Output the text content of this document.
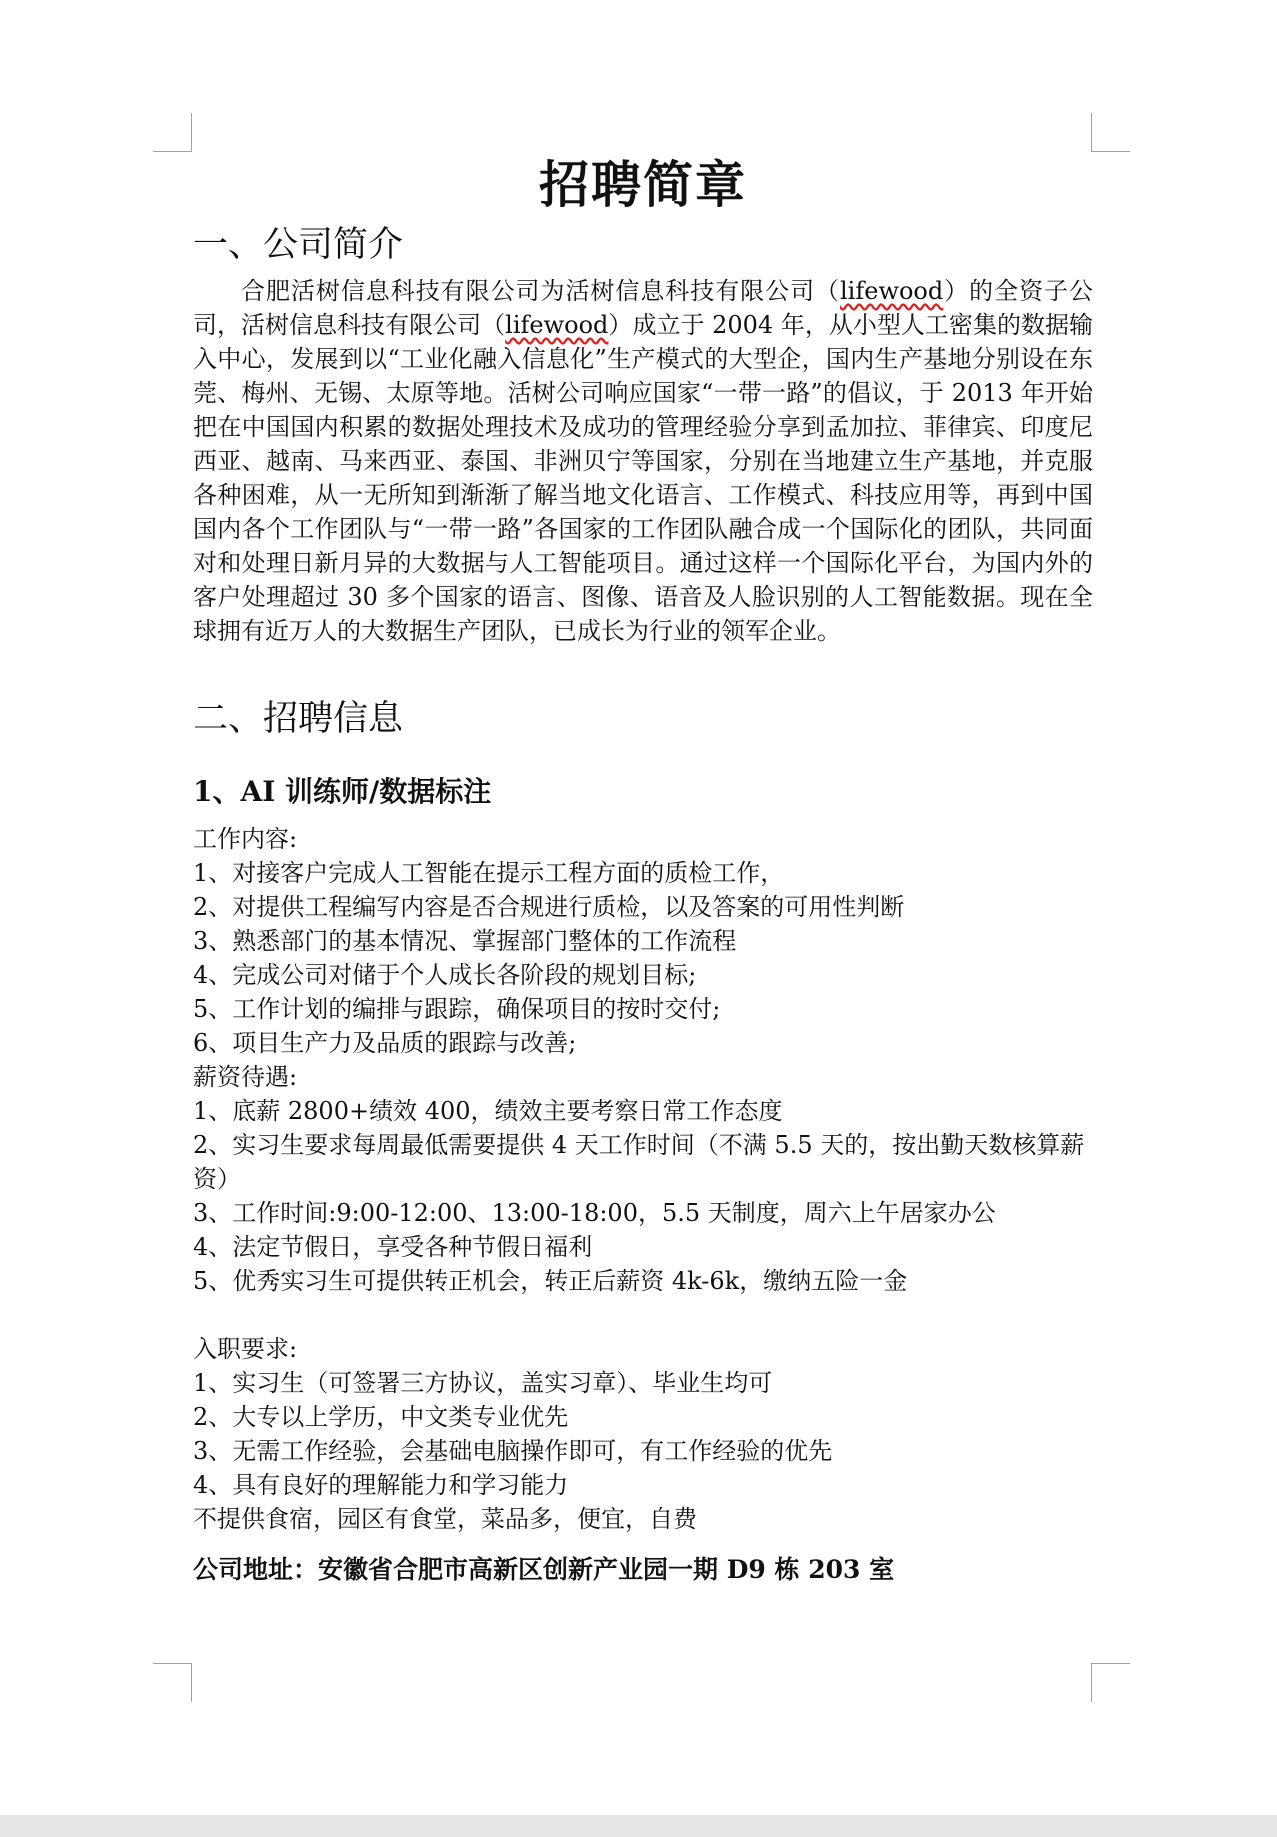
招聘简章
一、公司简介

合肥活树信息科技有限公司为活树信息科技有限公司（lifewood）的全资子公司，活树信息科技有限公司（lifewood）成立于 2004 年，从小型人工密集的数据输入中心，发展到以“工业化融入信息化”生产模式的大型企，国内生产基地分别设在东莞、梅州、无锡、太原等地。活树公司响应国家“一带一路”的倡议，于 2013 年开始把在中国国内积累的数据处理技术及成功的管理经验分享到孟加拉、菲律宾、印度尼西亚、越南、马来西亚、泰国、非洲贝宁等国家，分别在当地建立生产基地，并克服各种困难，从一无所知到渐渐了解当地文化语言、工作模式、科技应用等，再到中国国内各个工作团队与“一带一路”各国家的工作团队融合成一个国际化的团队，共同面对和处理日新月异的大数据与人工智能项目。通过这样一个国际化平台，为国内外的客户处理超过 30 多个国家的语言、图像、语音及人脸识别的人工智能数据。现在全球拥有近万人的大数据生产团队，已成长为行业的领军企业。

二、招聘信息
1、AI 训练师/数据标注

工作内容:

1、对接客户完成人工智能在提示工程方面的质检工作，

2、对提供工程编写内容是否合规进行质检，以及答案的可用性判断

3、熟悉部门的基本情况、掌握部门整体的工作流程

4、完成公司对储于个人成长各阶段的规划目标;

5、工作计划的编排与跟踪，确保项目的按时交付;

6、项目生产力及品质的跟踪与改善;

薪资待遇:

1、底薪 2800+绩效 400，绩效主要考察日常工作态度

2、实习生要求每周最低需要提供 4 天工作时间（不满 5.5 天的，按出勤天数核算薪资）

3、工作时间:9:00-12:00、13:00-18:00，5.5 天制度，周六上午居家办公

4、法定节假日，享受各种节假日福利

5、优秀实习生可提供转正机会，转正后薪资 4k-6k，缴纳五险一金

入职要求:

1、实习生（可签署三方协议，盖实习章）、毕业生均可

2、大专以上学历，中文类专业优先

3、无需工作经验，会基础电脑操作即可，有工作经验的优先

4、具有良好的理解能力和学习能力

不提供食宿，园区有食堂，菜品多，便宜，自费

公司地址：安徽省合肥市高新区创新产业园一期 D9 栋 203 室
